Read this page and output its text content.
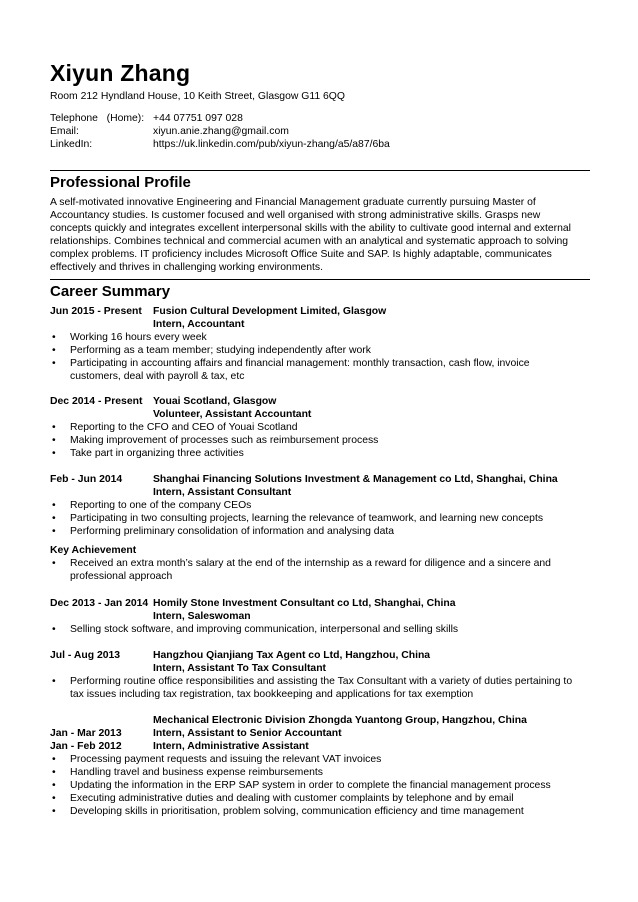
Xiyun Zhang
Room 212 Hyndland House, 10 Keith Street, Glasgow G11 6QQ
Telephone   (Home): +44 07751 097 028
Email:	xiyun.anie.zhang@gmail.com
LinkedIn:	https://uk.linkedin.com/pub/xiyun-zhang/a5/a87/6ba
Professional Profile
A self-motivated innovative Engineering and Financial Management graduate currently pursuing Master of
Accountancy studies. Is customer focused and well organised with strong administrative skills. Grasps new
concepts quickly and integrates excellent interpersonal skills with the ability to cultivate good internal and external
relationships. Combines technical and commercial acumen with an analytical and systematic approach to solving
complex problems. IT proficiency includes Microsoft Office Suite and SAP. Is highly adaptable, communicates
effectively and thrives in challenging working environments.
Career Summary
Jun 2015 - Present Fusion Cultural Development Limited, Glasgow
Intern, Accountant
• Working 16 hours every week
• Performing as a team member; studying independently after work
• Participating in accounting affairs and financial management: monthly transaction, cash flow, invoice
customers, deal with payroll & tax, etc
Dec 2014 - Present Youai Scotland, Glasgow
Volunteer, Assistant Accountant
• Reporting to the CFO and CEO of Youai Scotland
• Making improvement of processes such as reimbursement process
• Take part in organizing three activities
Feb - Jun 2014	Shanghai Financing Solutions Investment & Management co Ltd, Shanghai, China
Intern, Assistant Consultant
• Reporting to one of the company CEOs
• Participating in two consulting projects, learning the relevance of teamwork, and learning new concepts
• Performing preliminary consolidation of information and analysing data
Key Achievement
• Received an extra month’s salary at the end of the internship as a reward for diligence and a sincere and
professional approach
Dec 2013 - Jan 2014 Homily Stone Investment Consultant co Ltd, Shanghai, China
Intern, Saleswoman
• Selling stock software, and improving communication, interpersonal and selling skills
Jul - Aug 2013	Hangzhou Qianjiang Tax Agent co Ltd, Hangzhou, China
Intern, Assistant To Tax Consultant
• Performing routine office responsibilities and assisting the Tax Consultant with a variety of duties pertaining to
tax issues including tax registration, tax bookkeeping and applications for tax exemption
Mechanical Electronic Division Zhongda Yuantong Group, Hangzhou, China
Jan - Mar 2013	Intern, Assistant to Senior Accountant
Jan - Feb 2012	Intern, Administrative Assistant
• Processing payment requests and issuing the relevant VAT invoices
• Handling travel and business expense reimbursements
• Updating the information in the ERP SAP system in order to complete the financial management process
• Executing administrative duties and dealing with customer complaints by telephone and by email
• Developing skills in prioritisation, problem solving, communication efficiency and time management
